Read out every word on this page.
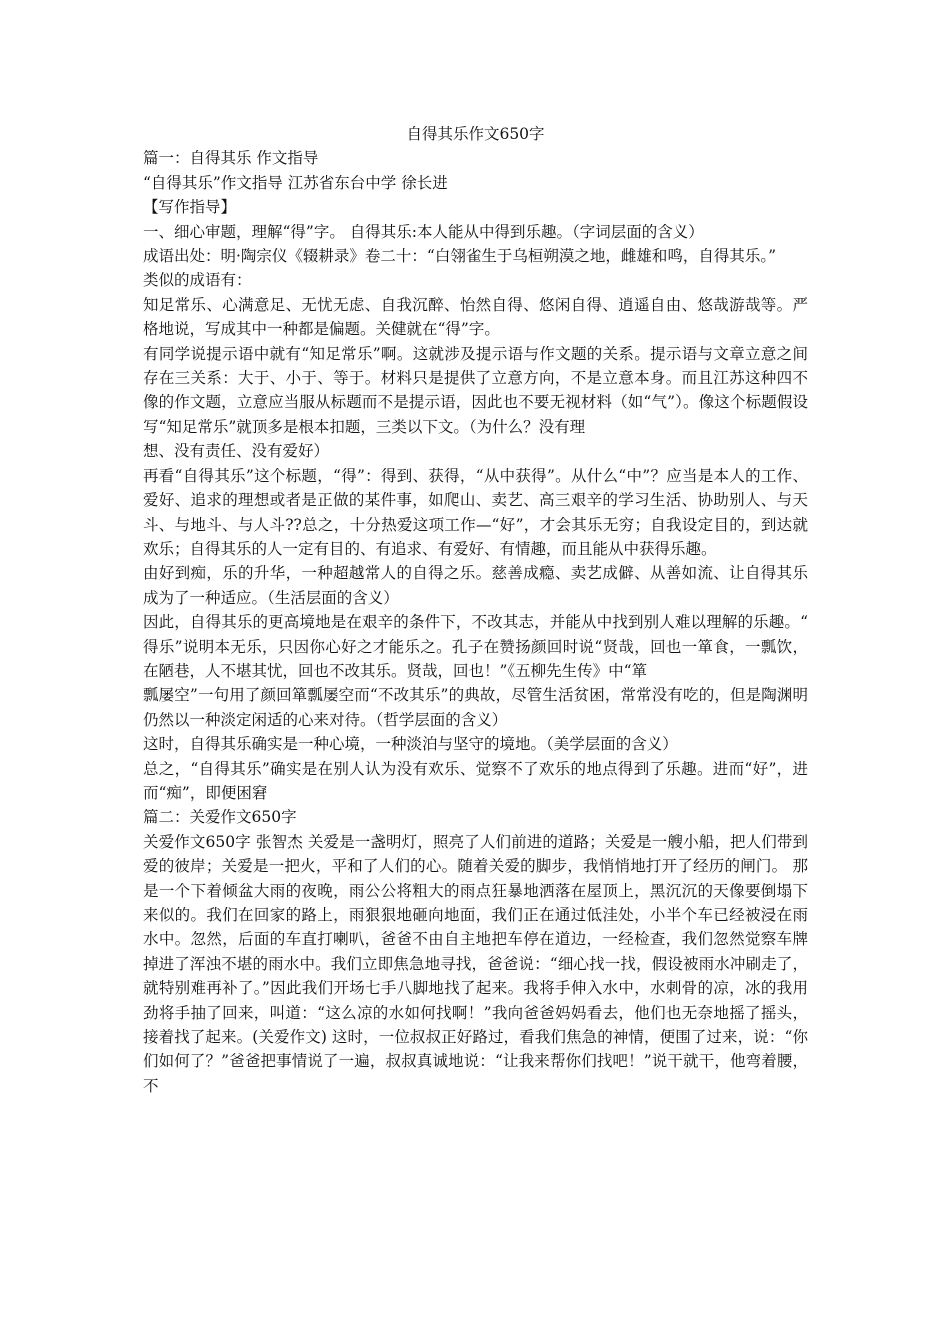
自得其乐作文650字

篇一：自得其乐 作文指导

“自得其乐”作文指导 江苏省东台中学 徐长进

【写作指导】

一、细心审题，理解“得”字。 自得其乐:本人能从中得到乐趣。（字词层面的含义）

成语出处：明·陶宗仪《辍耕录》卷二十：“白翎雀生于乌桓朔漠之地，雌雄和鸣，自得其乐。”

类似的成语有：

知足常乐、心满意足、无忧无虑、自我沉醉、怡然自得、悠闲自得、逍遥自由、悠哉游哉等。严格地说，写成其中一种都是偏题。关健就在“得”字。

有同学说提示语中就有“知足常乐”啊。这就涉及提示语与作文题的关系。提示语与文章立意之间存在三关系：大于、小于、等于。材料只是提供了立意方向，不是立意本身。而且江苏这种四不像的作文题，立意应当服从标题而不是提示语，因此也不要无视材料（如“气”）。像这个标题假设写“知足常乐”就顶多是根本扣题，三类以下文。（为什么？没有理

想、没有责任、没有爱好）

再看“自得其乐”这个标题，“得”：得到、获得，“从中获得”。从什么“中”？应当是本人的工作、爱好、追求的理想或者是正做的某件事，如爬山、卖艺、高三艰辛的学习生活、协助别人、与天斗、与地斗、与人斗??总之，十分热爱这项工作—“好”，才会其乐无穷；自我设定目的，到达就欢乐；自得其乐的人一定有目的、有追求、有爱好、有情趣，而且能从中获得乐趣。

由好到痴，乐的升华，一种超越常人的自得之乐。慈善成瘾、卖艺成僻、从善如流、让自得其乐成为了一种适应。（生活层面的含义）

因此，自得其乐的更高境地是在艰辛的条件下，不改其志，并能从中找到别人难以理解的乐趣。“得乐”说明本无乐，只因你心好之才能乐之。孔子在赞扬颜回时说“贤哉，回也一箪食，一瓢饮，在陋巷，人不堪其忧，回也不改其乐。贤哉，回也！”《五柳先生传》中“箪

瓢屡空”一句用了颜回箪瓢屡空而“不改其乐”的典故，尽管生活贫困，常常没有吃的，但是陶渊明仍然以一种淡定闲适的心来对待。（哲学层面的含义）

这时，自得其乐确实是一种心境，一种淡泊与坚守的境地。（美学层面的含义）

总之，“自得其乐”确实是在别人认为没有欢乐、觉察不了欢乐的地点得到了乐趣。进而“好”，进而“痴”，即便困窘

篇二：关爱作文650字

关爱作文650字 张智杰 关爱是一盏明灯，照亮了人们前进的道路；关爱是一艘小船，把人们带到爱的彼岸；关爱是一把火，平和了人们的心。随着关爱的脚步，我悄悄地打开了经历的闸门。 那是一个下着倾盆大雨的夜晚，雨公公将粗大的雨点狂暴地洒落在屋顶上，黑沉沉的天像要倒塌下来似的。我们在回家的路上，雨狠狠地砸向地面，我们正在通过低洼处，小半个车已经被浸在雨水中。忽然，后面的车直打喇叭，爸爸不由自主地把车停在道边，一经检查，我们忽然觉察车牌掉进了浑浊不堪的雨水中。我们立即焦急地寻找，爸爸说：“细心找一找，假设被雨水冲刷走了，就特别难再补了。”因此我们开场七手八脚地找了起来。我将手伸入水中，水刺骨的凉，冰的我用劲将手抽了回来，叫道：“这么凉的水如何找啊！”我向爸爸妈妈看去，他们也无奈地摇了摇头，接着找了起来。(关爱作文) 这时，一位叔叔正好路过，看我们焦急的神情，便围了过来，说：“你们如何了？”爸爸把事情说了一遍，叔叔真诚地说：“让我来帮你们找吧！”说干就干，他弯着腰，不
